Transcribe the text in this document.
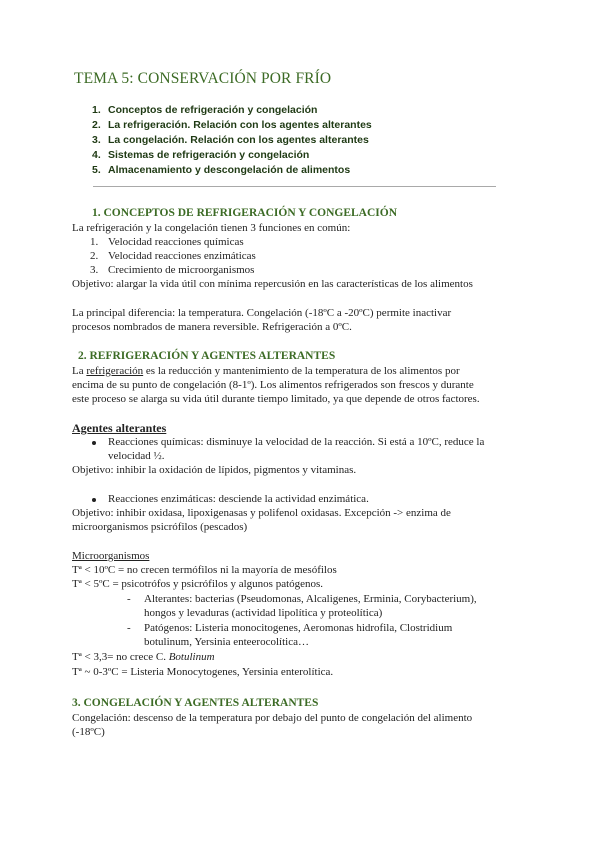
TEMA 5: CONSERVACIÓN POR FRÍO
1. Conceptos de refrigeración y congelación
2. La refrigeración. Relación con los agentes alterantes
3. La congelación. Relación con los agentes alterantes
4. Sistemas de refrigeración y congelación
5. Almacenamiento y descongelación de alimentos
1. CONCEPTOS DE REFRIGERACIÓN Y CONGELACIÓN
La refrigeración y la congelación tienen 3 funciones en común:
1. Velocidad reacciones químicas
2. Velocidad reacciones enzimáticas
3. Crecimiento de microorganismos
Objetivo: alargar la vida útil con mínima repercusión en las características de los alimentos
La principal diferencia: la temperatura. Congelación (-18ºC a -20ºC) permite inactivar
procesos nombrados de manera reversible. Refrigeración a 0ºC.
2. REFRIGERACIÓN Y AGENTES ALTERANTES
La refrigeración es la reducción y mantenimiento de la temperatura de los alimentos por
encima de su punto de congelación (8-1º). Los alimentos refrigerados son frescos y durante
este proceso se alarga su vida útil durante tiempo limitado, ya que depende de otros factores.
Agentes alterantes
Reacciones químicas: disminuye la velocidad de la reacción. Si está a 10ºC, reduce la
velocidad ½.
Objetivo: inhibir la oxidación de lípidos, pigmentos y vitaminas.
Reacciones enzimáticas: desciende la actividad enzimática.
Objetivo: inhibir oxidasa, lipoxigenasas y polifenol oxidasas. Excepción -> enzima de
microorganismos psicrófilos (pescados)
Microorganismos
Tª < 10ºC = no crecen termófilos ni la mayoría de mesófilos
Tª < 5ºC = psicotrófos y psicrófilos y algunos patógenos.
- Alterantes: bacterias (Pseudomonas, Alcaligenes, Erminia, Corybacterium),
hongos y levaduras (actividad lipolítica y proteolítica)
- Patógenos: Listeria monocitogenes, Aeromonas hidrofila, Clostridium
botulinum, Yersinia enteerocolítica…
Tª < 3,3= no crece C. Botulinum
Tª ~ 0-3ºC = Listeria Monocytogenes, Yersinia enterolítica.
3. CONGELACIÓN Y AGENTES ALTERANTES
Congelación: descenso de la temperatura por debajo del punto de congelación del alimento
(-18ºC)
